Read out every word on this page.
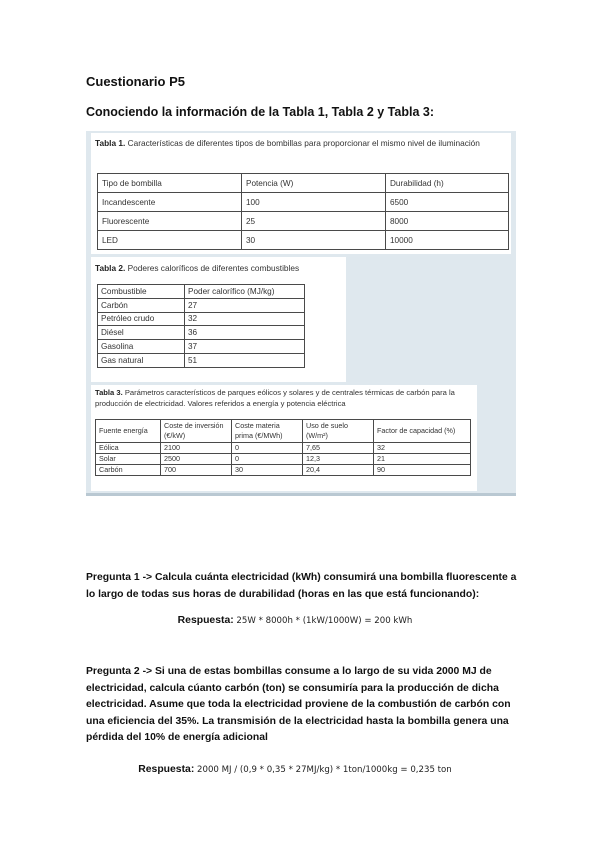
Cuestionario P5
Conociendo la información de la Tabla 1, Tabla 2 y Tabla 3:
Tabla 1. Características de diferentes tipos de bombillas para proporcionar el mismo nivel de iluminación
Tipo de bombilla	Potencia (W)	Durabilidad (h)
Incandescente	100	6500
Fluorescente	25	8000
LED	30	10000
Tabla 2. Poderes caloríficos de diferentes combustibles
Combustible	Poder calorífico (MJ/kg)
Carbón	27
Petróleo crudo	32
Diésel	36
Gasolina	37
Gas natural	51
Tabla 3. Parámetros característicos de parques eólicos y solares y de centrales térmicas de carbón para la producción de electricidad. Valores referidos a energía y potencia eléctrica
Fuente energía	Coste de inversión (€/kW)	Coste materia prima (€/MWh)	Uso de suelo (W/m²)	Factor de capacidad (%)
Eólica	2100	0	7,65	32
Solar	2500	0	12,3	21
Carbón	700	30	20,4	90
Pregunta 1 -> Calcula cuánta electricidad (kWh) consumirá una bombilla fluorescente a lo largo de todas sus horas de durabilidad (horas en las que está funcionando):
Respuesta: 25W * 8000h * (1kW/1000W) = 200 kWh
Pregunta 2 -> Si una de estas bombillas consume a lo largo de su vida 2000 MJ de electricidad, calcula cúanto carbón (ton) se consumiría para la producción de dicha electricidad. Asume que toda la electricidad proviene de la combustión de carbón con una eficiencia del 35%. La transmisión de la electricidad hasta la bombilla genera una pérdida del 10% de energía adicional
Respuesta: 2000 MJ / (0,9 * 0,35 * 27MJ/kg) * 1ton/1000kg = 0,235 ton
